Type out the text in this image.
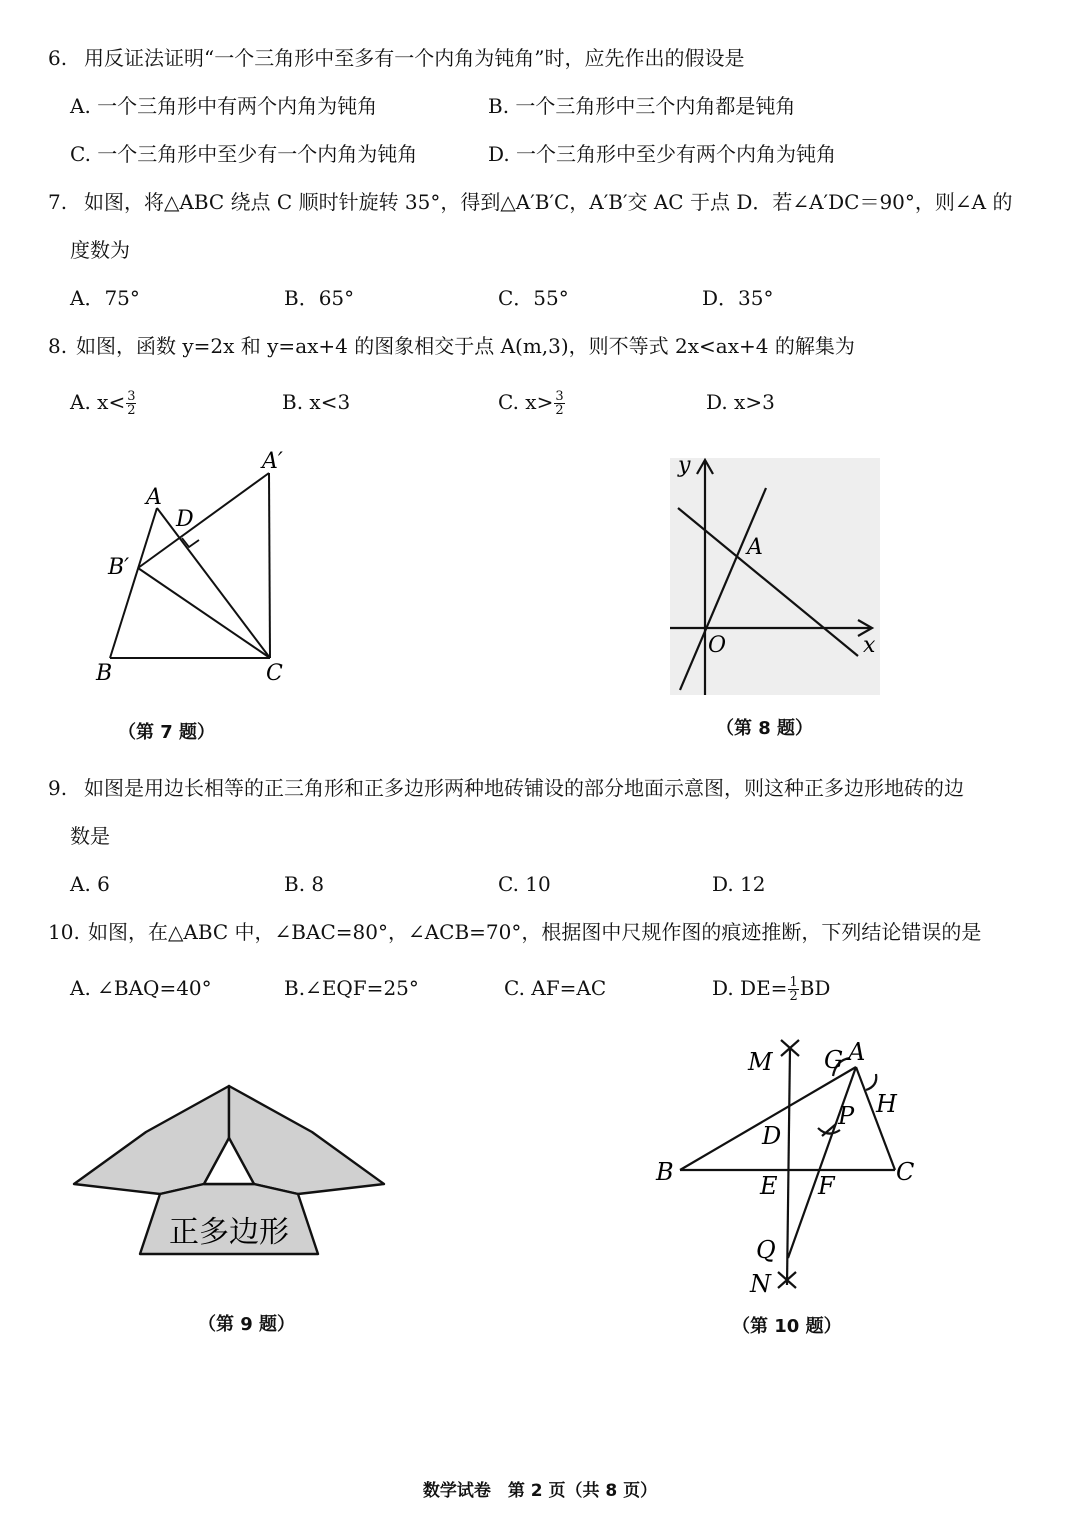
6. 用反证法证明“一个三角形中至多有一个内角为钝角”时，应先作出的假设是
A. 一个三角形中有两个内角为钝角	B. 一个三角形中三个内角都是钝角
C. 一个三角形中至少有一个内角为钝角	D. 一个三角形中至少有两个内角为钝角
7. 如图，将△ABC 绕点 C 顺时针旋转 35°，得到△A′B′C，A′B′交 AC 于点 D．若∠A′DC＝90°，则∠A 的
度数为
A．75°	B．65°	C．55°	D．35°
8. 如图，函数 y=2x 和 y=ax+4 的图象相交于点 A(m,3)，则不等式 2x<ax+4 的解集为
A. $x< \frac{3}{2}$	B. x<3	C. $x> \frac{3}{2}$	D. x>3
A
A′
D
B′
B	C
（第 7 题）
y
x
O
A
（第 8 题）
9. 如图是用边长相等的正三角形和正多边形两种地砖铺设的部分地面示意图，则这种正多边形地砖的边
数是
A. 6	B. 8	C. 10	D. 12
10. 如图，在△ABC 中，∠BAC=80°，∠ACB=70°，根据图中尺规作图的痕迹推断，下列结论错误的是
A. ∠BAQ=40°	B.∠EQF=25°	C. AF=AC	D. $DE= \frac{1}{2}$ BD
正多边形
（第 9 题）
M G A
H
P
D
B	E F	C
Q
N
（第 10 题）
数学试卷　第 2 页（共 8 页）
